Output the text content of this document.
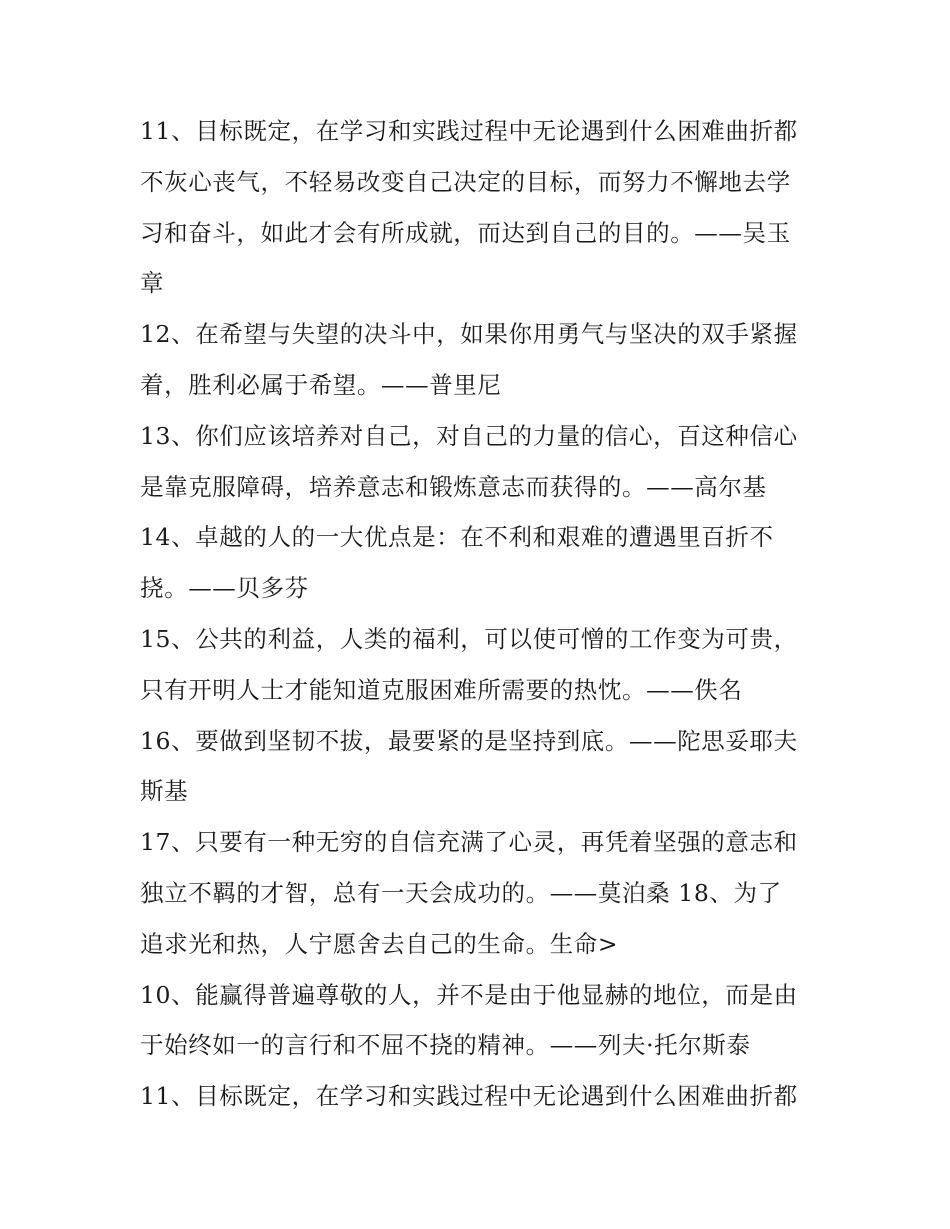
11、目标既定，在学习和实践过程中无论遇到什么困难曲折都
不灰心丧气，不轻易改变自己决定的目标，而努力不懈地去学
习和奋斗，如此才会有所成就，而达到自己的目的。——吴玉
章
12、在希望与失望的决斗中，如果你用勇气与坚决的双手紧握
着，胜利必属于希望。——普里尼
13、你们应该培养对自己，对自己的力量的信心，百这种信心
是靠克服障碍，培养意志和锻炼意志而获得的。——高尔基
14、卓越的人的一大优点是：在不利和艰难的遭遇里百折不
挠。——贝多芬
15、公共的利益，人类的福利，可以使可憎的工作变为可贵，
只有开明人士才能知道克服困难所需要的热忱。——佚名
16、要做到坚韧不拔，最要紧的是坚持到底。——陀思妥耶夫
斯基
17、只要有一种无穷的自信充满了心灵，再凭着坚强的意志和
独立不羁的才智，总有一天会成功的。——莫泊桑 18、为了
追求光和热，人宁愿舍去自己的生命。生命>
10、能赢得普遍尊敬的人，并不是由于他显赫的地位，而是由
于始终如一的言行和不屈不挠的精神。——列夫·托尔斯泰
11、目标既定，在学习和实践过程中无论遇到什么困难曲折都
